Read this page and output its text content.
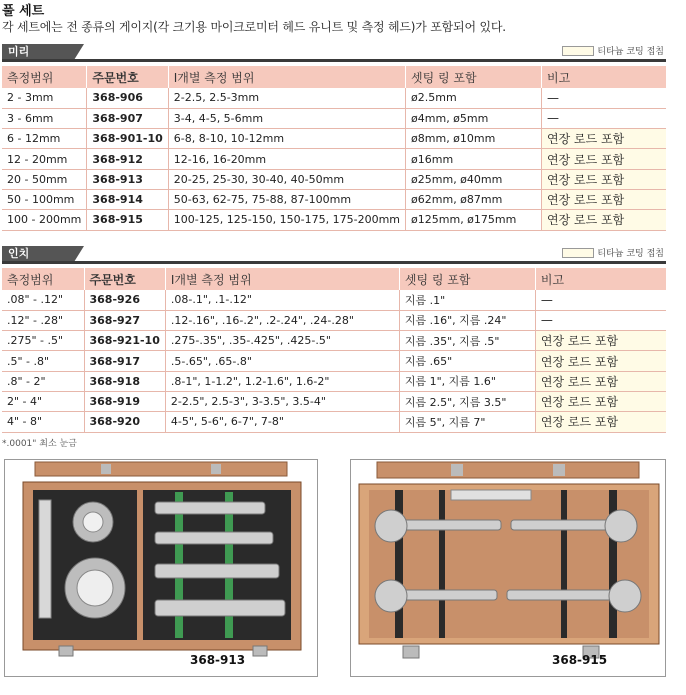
풀 세트
각 세트에는 전 종류의 게이지(각 크기용 마이크로미터 헤드 유니트 및 측정 헤드)가 포함되어 있다.
미리	티타늄 코팅 접침
측정범위	주문번호	I개별 측정 범위	셋팅 링 포함	비고
2 - 3mm	368-906	2-2.5, 2.5-3mm	ø2.5mm	—
3 - 6mm	368-907	3-4, 4-5, 5-6mm	ø4mm, ø5mm	—
6 - 12mm	368-901-10	6-8, 8-10, 10-12mm	ø8mm, ø10mm	연장 로드 포함
12 - 20mm	368-912	12-16, 16-20mm	ø16mm	연장 로드 포함
20 - 50mm	368-913	20-25, 25-30, 30-40, 40-50mm	ø25mm, ø40mm	연장 로드 포함
50 - 100mm	368-914	50-63, 62-75, 75-88, 87-100mm	ø62mm, ø87mm	연장 로드 포함
100 - 200mm	368-915	100-125, 125-150, 150-175, 175-200mm	ø125mm, ø175mm	연장 로드 포함
인치	티타늄 코팅 접침
측정범위	주문번호	I개별 측정 범위	셋팅 링 포함	비고
.08" - .12"	368-926	.08-.1", .1-.12"	지름 .1"	—
.12" - .28"	368-927	.12-.16", .16-.2", .2-.24", .24-.28"	지름 .16", 지름 .24"	—
.275" - .5"	368-921-10	.275-.35", .35-.425", .425-.5"	지름 .35", 지름 .5"	연장 로드 포함
.5" - .8"	368-917	.5-.65", .65-.8"	지름 .65"	연장 로드 포함
.8" - 2"	368-918	.8-1", 1-1.2", 1.2-1.6", 1.6-2"	지름 1", 지름 1.6"	연장 로드 포함
2" - 4"	368-919	2-2.5", 2.5-3", 3-3.5", 3.5-4"	지름 2.5", 지름 3.5"	연장 로드 포함
4" - 8"	368-920	4-5", 5-6", 6-7", 7-8"	지름 5", 지름 7"	연장 로드 포함
*.0001" 최소 눈금
368-913	368-915
